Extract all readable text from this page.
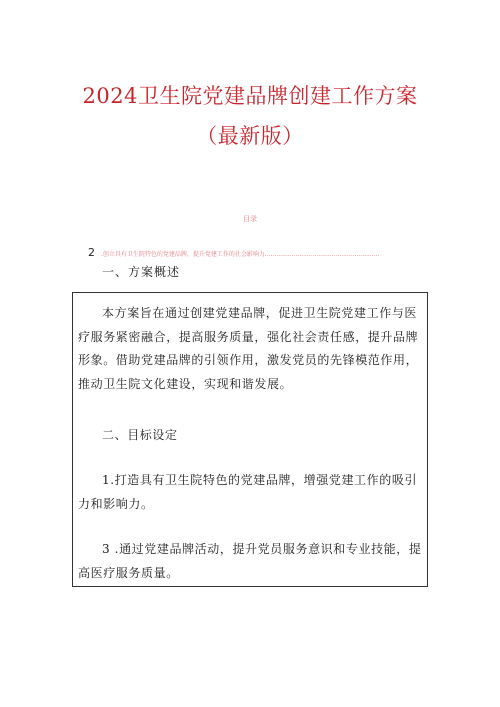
2024卫生院党建品牌创建工作方案
（最新版）
目录
2 .创立具有卫生院特色的党建品牌，提升党建工作的社会影响力 ............................................................
一、方案概述

本方案旨在通过创建党建品牌，促进卫生院党建工作与医疗服务紧密融合，提高服务质量，强化社会责任感，提升品牌形象。借助党建品牌的引领作用，激发党员的先锋模范作用，推动卫生院文化建设，实现和谐发展。

二、目标设定

1.打造具有卫生院特色的党建品牌，增强党建工作的吸引力和影响力。

3 .通过党建品牌活动，提升党员服务意识和专业技能，提高医疗服务质量。
